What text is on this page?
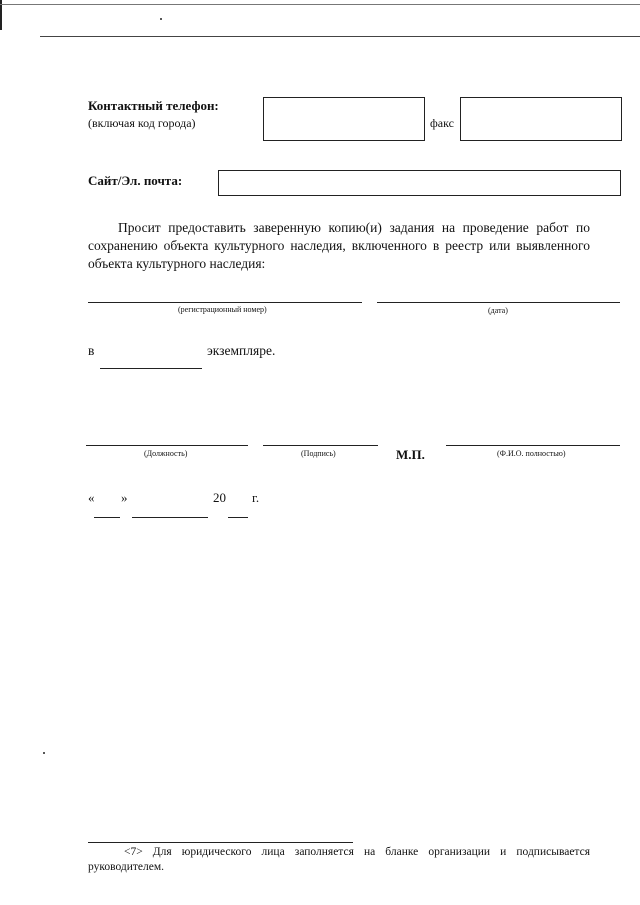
Контактный телефон:
(включая код города)	факс
Сайт/Эл. почта:
Просит предоставить заверенную копию(и) задания на проведение работ по сохранению объекта культурного наследия, включенного в реестр или выявленного объекта культурного наследия:
(регистрационный номер)	(дата)
в	экземпляре.
(Должность)	(Подпись)	М.П.	(Ф.И.О. полностью)
« »	20 г.
<7> Для юридического лица заполняется на бланке организации и подписывается руководителем.
